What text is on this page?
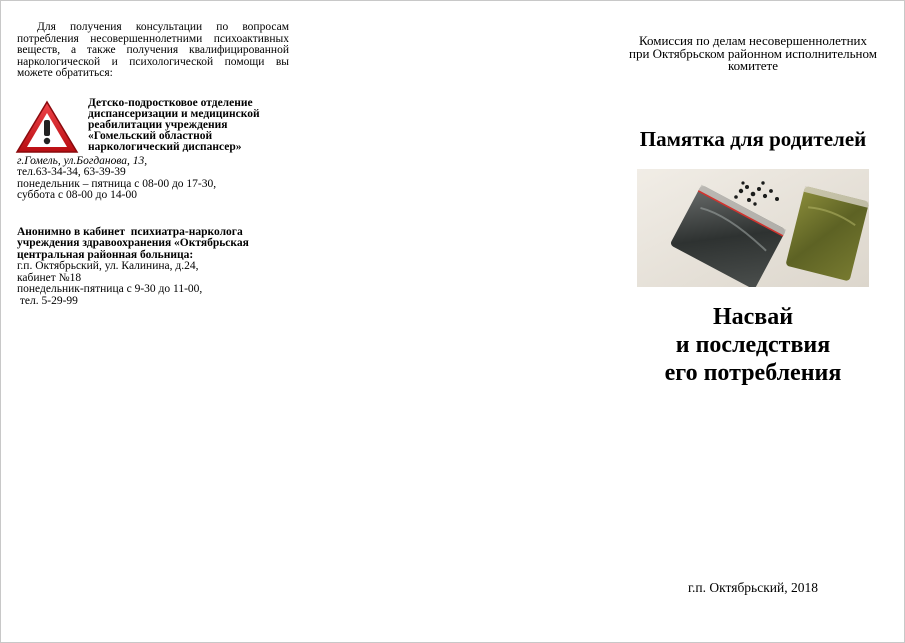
Для получения консультации по вопросам потребления несовершеннолетними психоактивных веществ, а также получения квалифицированной наркологической и психологической помощи вы можете обратиться:

Детско-подростковое отделение
диспансеризации и медицинской
реабилитации учреждения
«Гомельский областной
наркологический диспансер»
г.Гомель, ул.Богданова, 13,
тел.63-34-34, 63-39-39
понедельник – пятница с 08-00 до 17-30,
суббота с 08-00 до 14-00
Анонимно в кабинет  психиатра-нарколога
учреждения здравоохранения «Октябрьская
центральная районная больница:
г.п. Октябрьский, ул. Калинина, д.24,
кабинет №18
понедельник-пятница с 9-30 до 11-00,
тел. 5-29-99
Комиссия по делам несовершеннолетних
при Октябрьском районном исполнительном
комитете
Памятка для родителей
Насвай
и последствия
его потребления
г.п. Октябрьский, 2018
